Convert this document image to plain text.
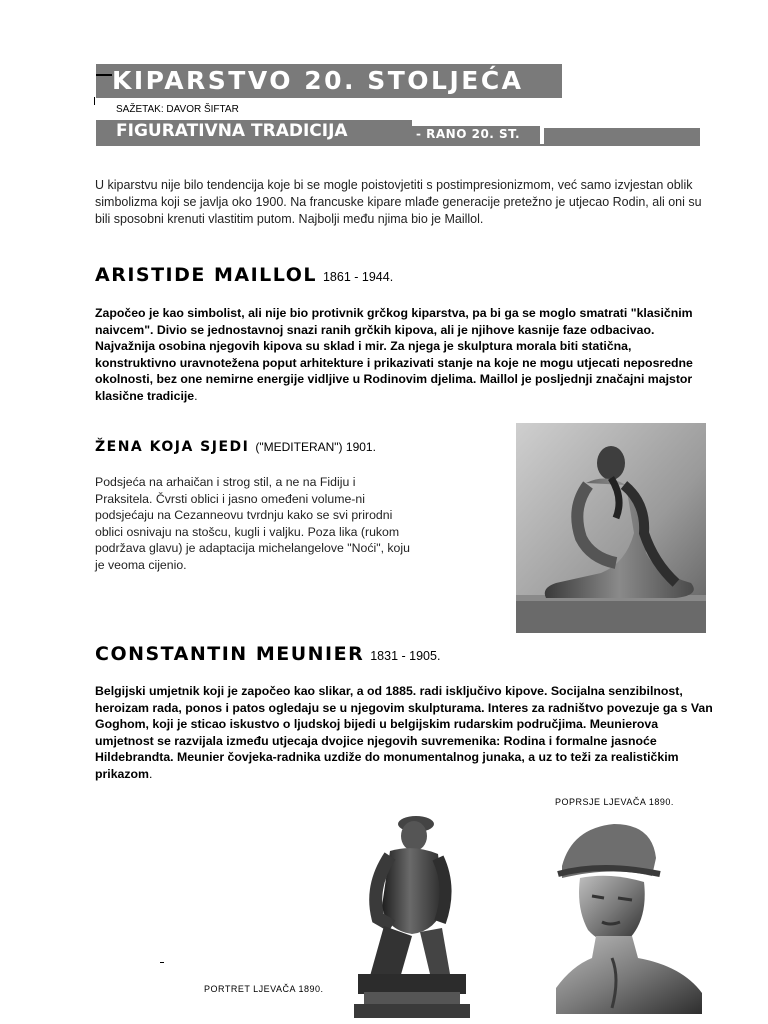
KIPARSTVO 20. STOLJEĆA
SAŽETAK: DAVOR ŠIFTAR
FIGURATIVNA TRADICIJA	- RANO 20. ST.
U kiparstvu nije bilo tendencija koje bi se mogle poistovjetiti s postimpresionizmom, već samo izvjestan oblik simbolizma koji se javlja oko 1900. Na francuske kipare mlađe generacije pretežno je utjecao Rodin, ali oni su bili sposobni krenuti vlastitim putom. Najbolji među njima bio je Maillol.
ARISTIDE MAILLOL 1861 - 1944.
Započeo je kao simbolist, ali nije bio protivnik grčkog kiparstva, pa bi ga se moglo smatrati "klasičnim naivcem". Divio se jednostavnoj snazi ranih grčkih kipova, ali je njihove kasnije faze odbacivao. Najvažnija osobina njegovih kipova su sklad i mir. Za njega je skulptura morala biti statična, konstruktivno uravnotežena poput arhitekture i prikazivati stanje na koje ne mogu utjecati neposredne okolnosti, bez one nemirne energije vidljive u Rodinovim djelima. Maillol je posljednji značajni majstor klasične tradicije.
ŽENA KOJA SJEDI ("MEDITERAN") 1901.
Podsjeća na arhaičan i strog stil, a ne na Fidiju i Praksitela. Čvrsti oblici i jasno omeđeni volume-ni podsjećaju na Cezanneovu tvrdnju kako se svi prirodni oblici osnivaju na stošcu, kugli i valjku. Poza lika (rukom podržava glavu) je adaptacija michelangelove "Noći", koju je veoma cijenio.
CONSTANTIN MEUNIER 1831 - 1905.
Belgijski umjetnik koji je započeo kao slikar, a od 1885. radi isključivo kipove. Socijalna senzibilnost, heroizam rada, ponos i patos ogledaju se u njegovim skulpturama. Interes za radništvo povezuje ga s Van Goghom, koji je sticao iskustvo o ljudskoj bijedi u belgijskim rudarskim područjima. Meunierova umjetnost se razvijala između utjecaja dvojice njegovih suvremenika: Rodina i formalne jasnoće Hildebrandta. Meunier čovjeka-radnika uzdiže do monumentalnog junaka, a uz to teži za realističkim prikazom.
POPRSJE LJEVAČA 1890.
PORTRET LJEVAČA 1890.
